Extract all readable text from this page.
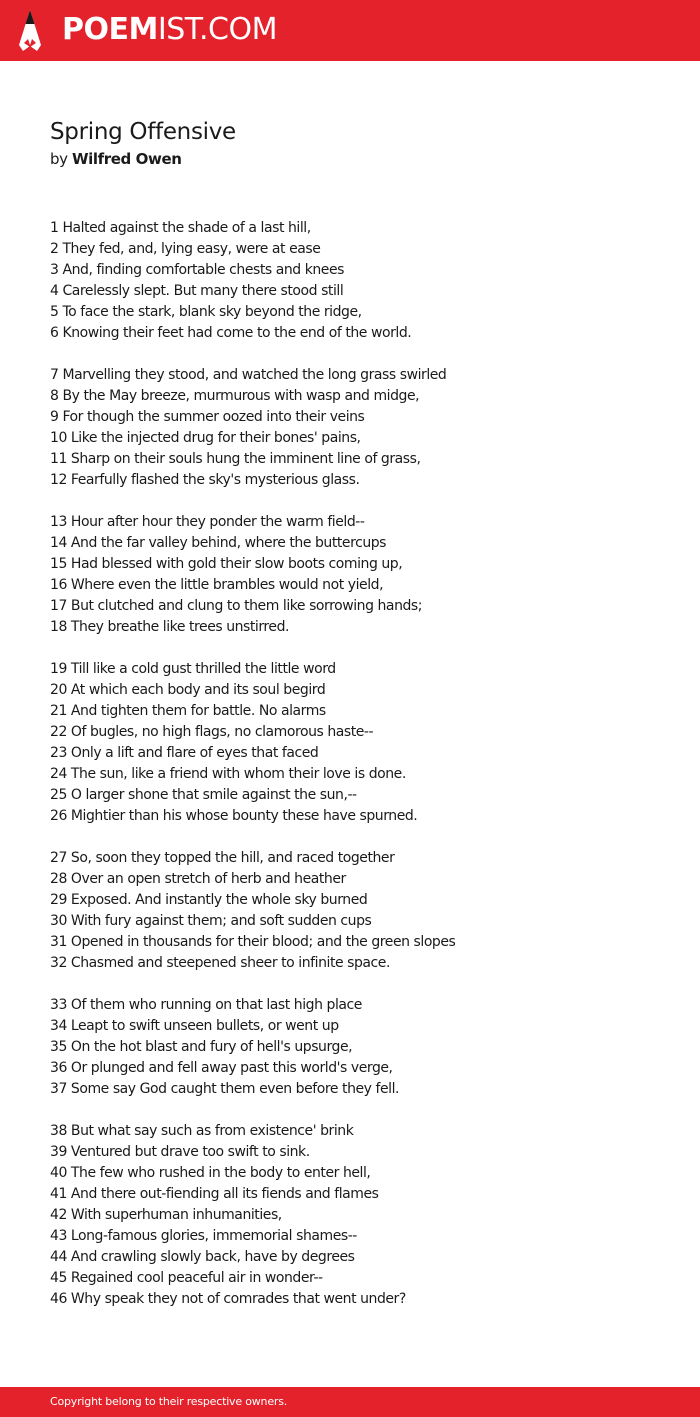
POEMIST.COM
Spring Offensive
by Wilfred Owen
1 Halted against the shade of a last hill,
2 They fed, and, lying easy, were at ease
3 And, finding comfortable chests and knees
4 Carelessly slept. But many there stood still
5 To face the stark, blank sky beyond the ridge,
6 Knowing their feet had come to the end of the world.
7 Marvelling they stood, and watched the long grass swirled
8 By the May breeze, murmurous with wasp and midge,
9 For though the summer oozed into their veins
10 Like the injected drug for their bones' pains,
11 Sharp on their souls hung the imminent line of grass,
12 Fearfully flashed the sky's mysterious glass.
13 Hour after hour they ponder the warm field--
14 And the far valley behind, where the buttercups
15 Had blessed with gold their slow boots coming up,
16 Where even the little brambles would not yield,
17 But clutched and clung to them like sorrowing hands;
18 They breathe like trees unstirred.
19 Till like a cold gust thrilled the little word
20 At which each body and its soul begird
21 And tighten them for battle. No alarms
22 Of bugles, no high flags, no clamorous haste--
23 Only a lift and flare of eyes that faced
24 The sun, like a friend with whom their love is done.
25 O larger shone that smile against the sun,--
26 Mightier than his whose bounty these have spurned.
27 So, soon they topped the hill, and raced together
28 Over an open stretch of herb and heather
29 Exposed. And instantly the whole sky burned
30 With fury against them; and soft sudden cups
31 Opened in thousands for their blood; and the green slopes
32 Chasmed and steepened sheer to infinite space.
33 Of them who running on that last high place
34 Leapt to swift unseen bullets, or went up
35 On the hot blast and fury of hell's upsurge,
36 Or plunged and fell away past this world's verge,
37 Some say God caught them even before they fell.
38 But what say such as from existence' brink
39 Ventured but drave too swift to sink.
40 The few who rushed in the body to enter hell,
41 And there out-fiending all its fiends and flames
42 With superhuman inhumanities,
43 Long-famous glories, immemorial shames--
44 And crawling slowly back, have by degrees
45 Regained cool peaceful air in wonder--
46 Why speak they not of comrades that went under?
Copyright belong to their respective owners.
